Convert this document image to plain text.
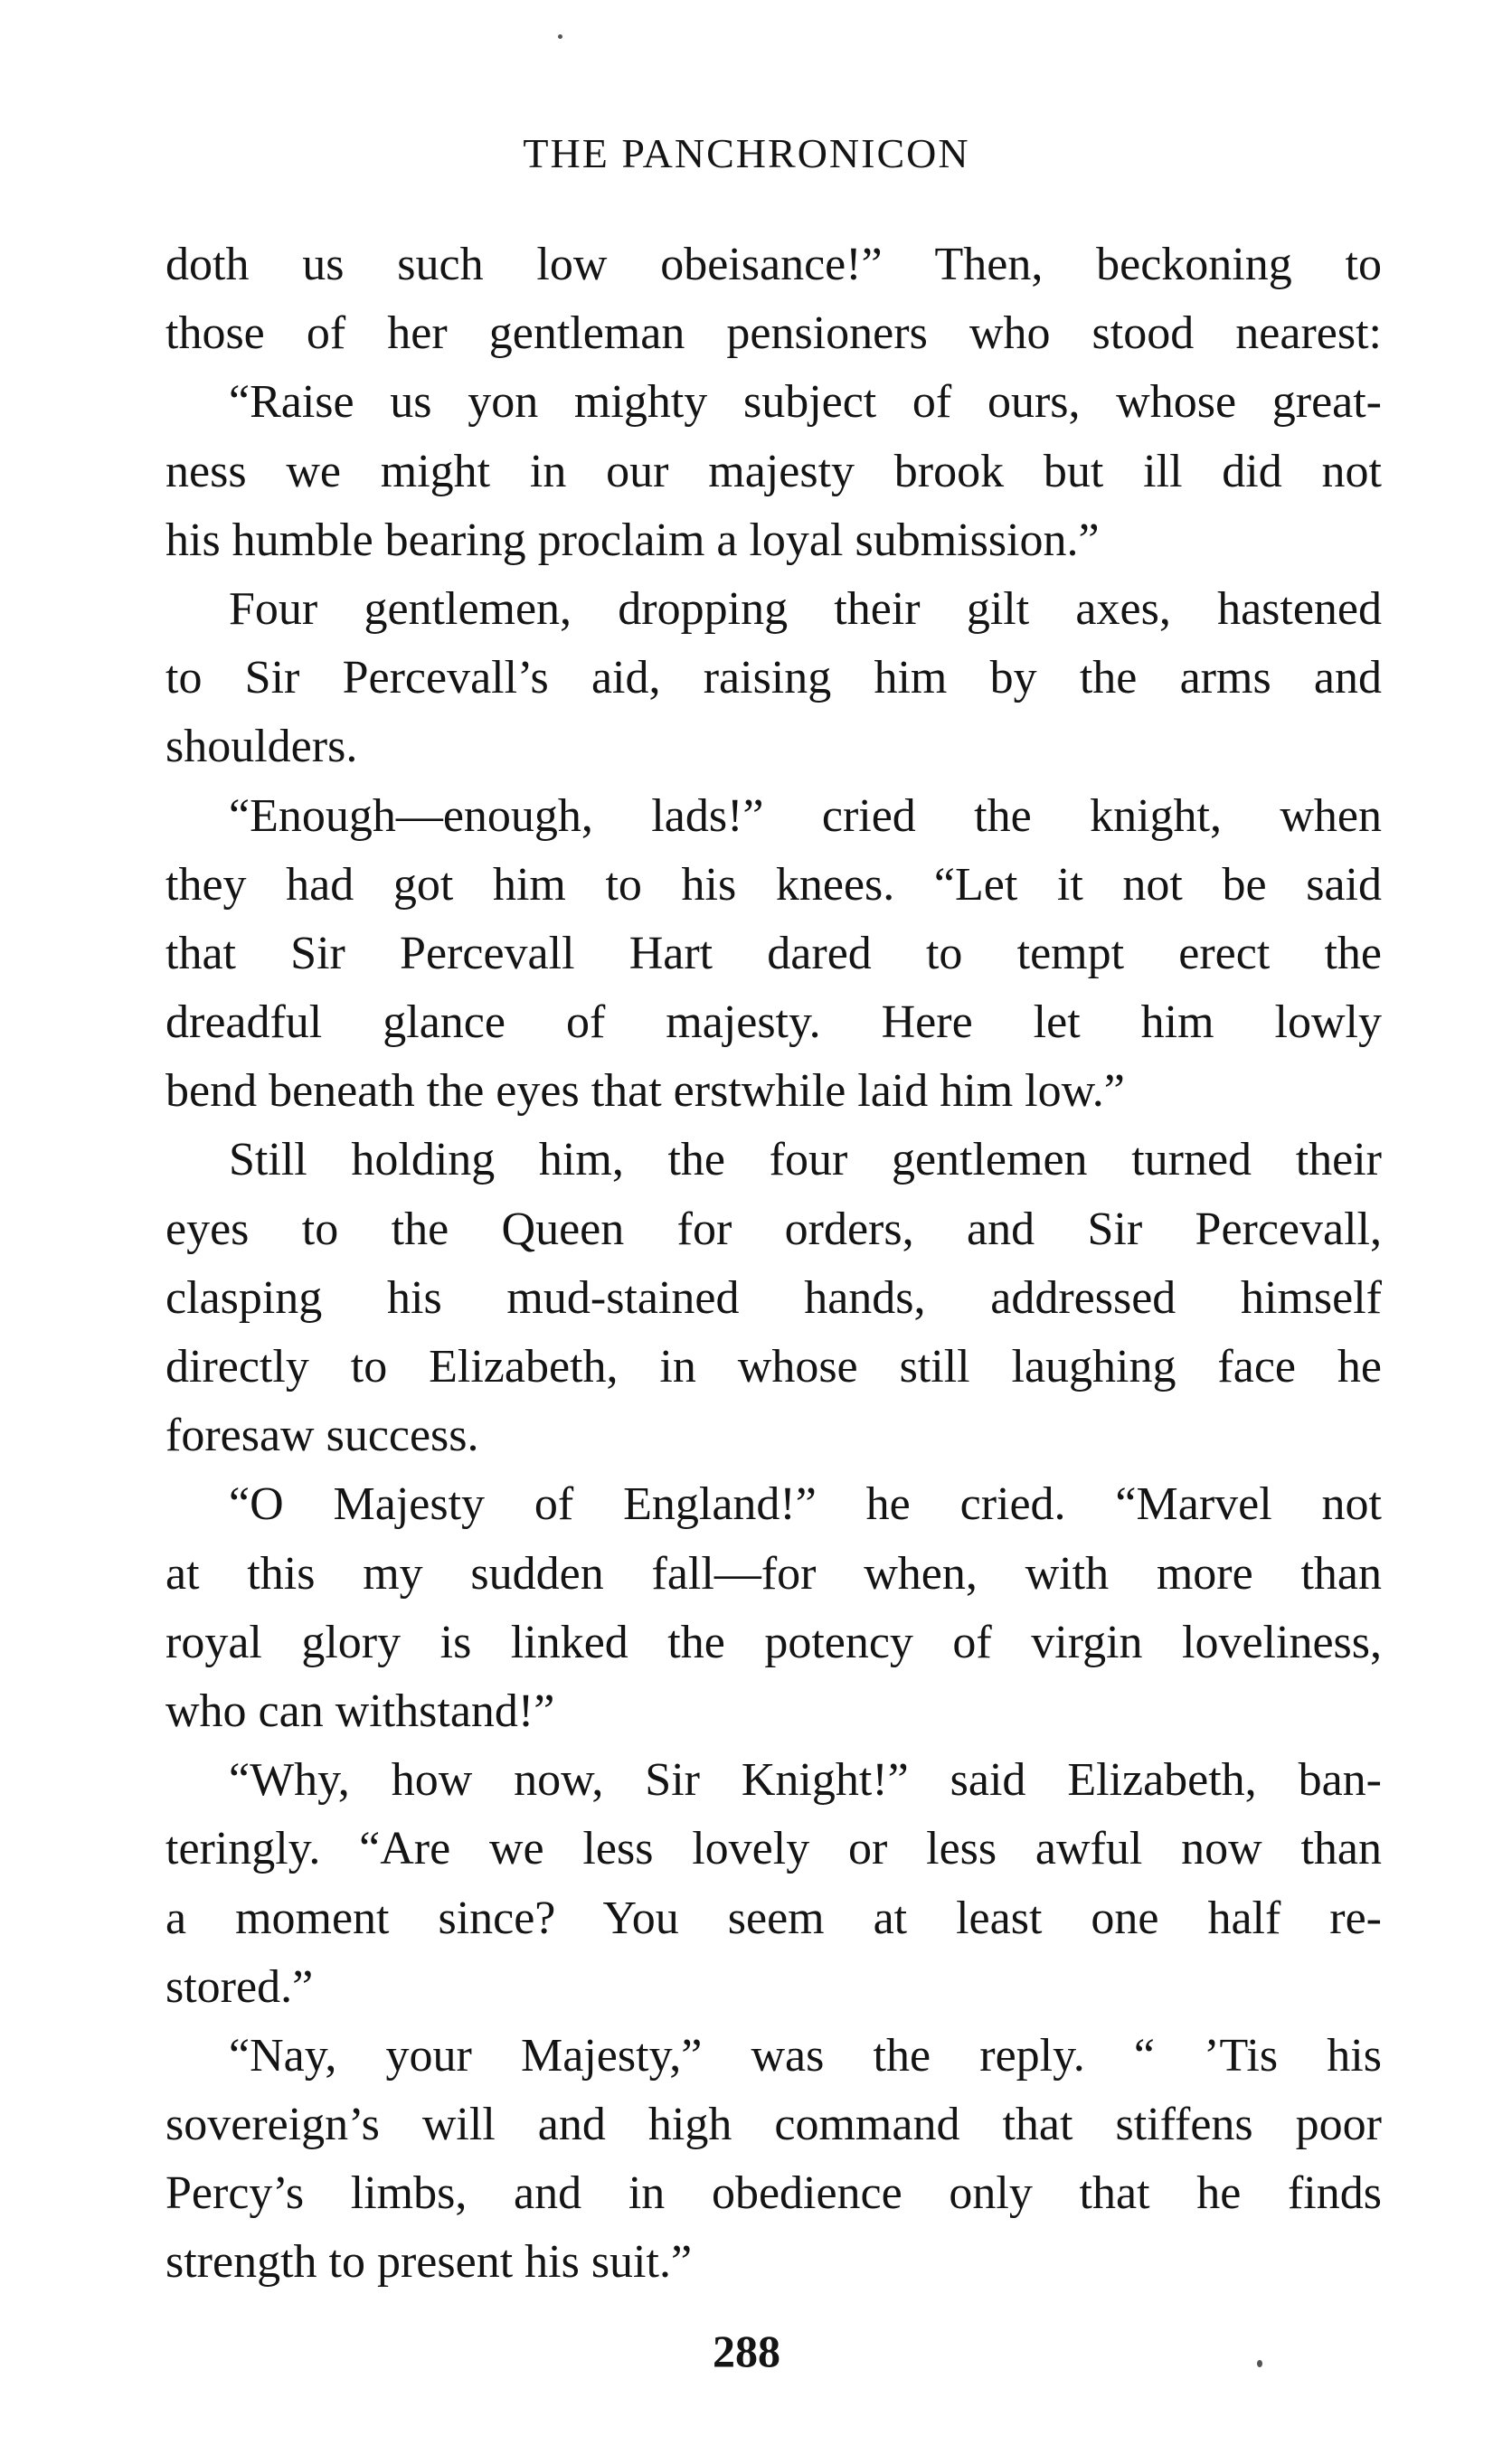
THE PANCHRONICON
doth us such low obeisance!” Then, beckoning to
those of her gentleman pensioners who stood nearest:
“Raise us yon mighty subject of ours, whose great-
ness we might in our majesty brook but ill did not
his humble bearing proclaim a loyal submission.”
Four gentlemen, dropping their gilt axes, hastened
to Sir Percevall’s aid, raising him by the arms and
shoulders.
“Enough—enough, lads!” cried the knight, when
they had got him to his knees. “Let it not be said
that Sir Percevall Hart dared to tempt erect the
dreadful glance of majesty. Here let him lowly
bend beneath the eyes that erstwhile laid him low.”
Still holding him, the four gentlemen turned their
eyes to the Queen for orders, and Sir Percevall,
clasping his mud-stained hands, addressed himself
directly to Elizabeth, in whose still laughing face he
foresaw success.
“O Majesty of England!” he cried. “Marvel not
at this my sudden fall—for when, with more than
royal glory is linked the potency of virgin loveliness,
who can withstand!”
“Why, how now, Sir Knight!” said Elizabeth, ban-
teringly. “Are we less lovely or less awful now than
a moment since? You seem at least one half re-
stored.”
“Nay, your Majesty,” was the reply. “ ’Tis his
sovereign’s will and high command that stiffens poor
Percy’s limbs, and in obedience only that he finds
strength to present his suit.”
288
